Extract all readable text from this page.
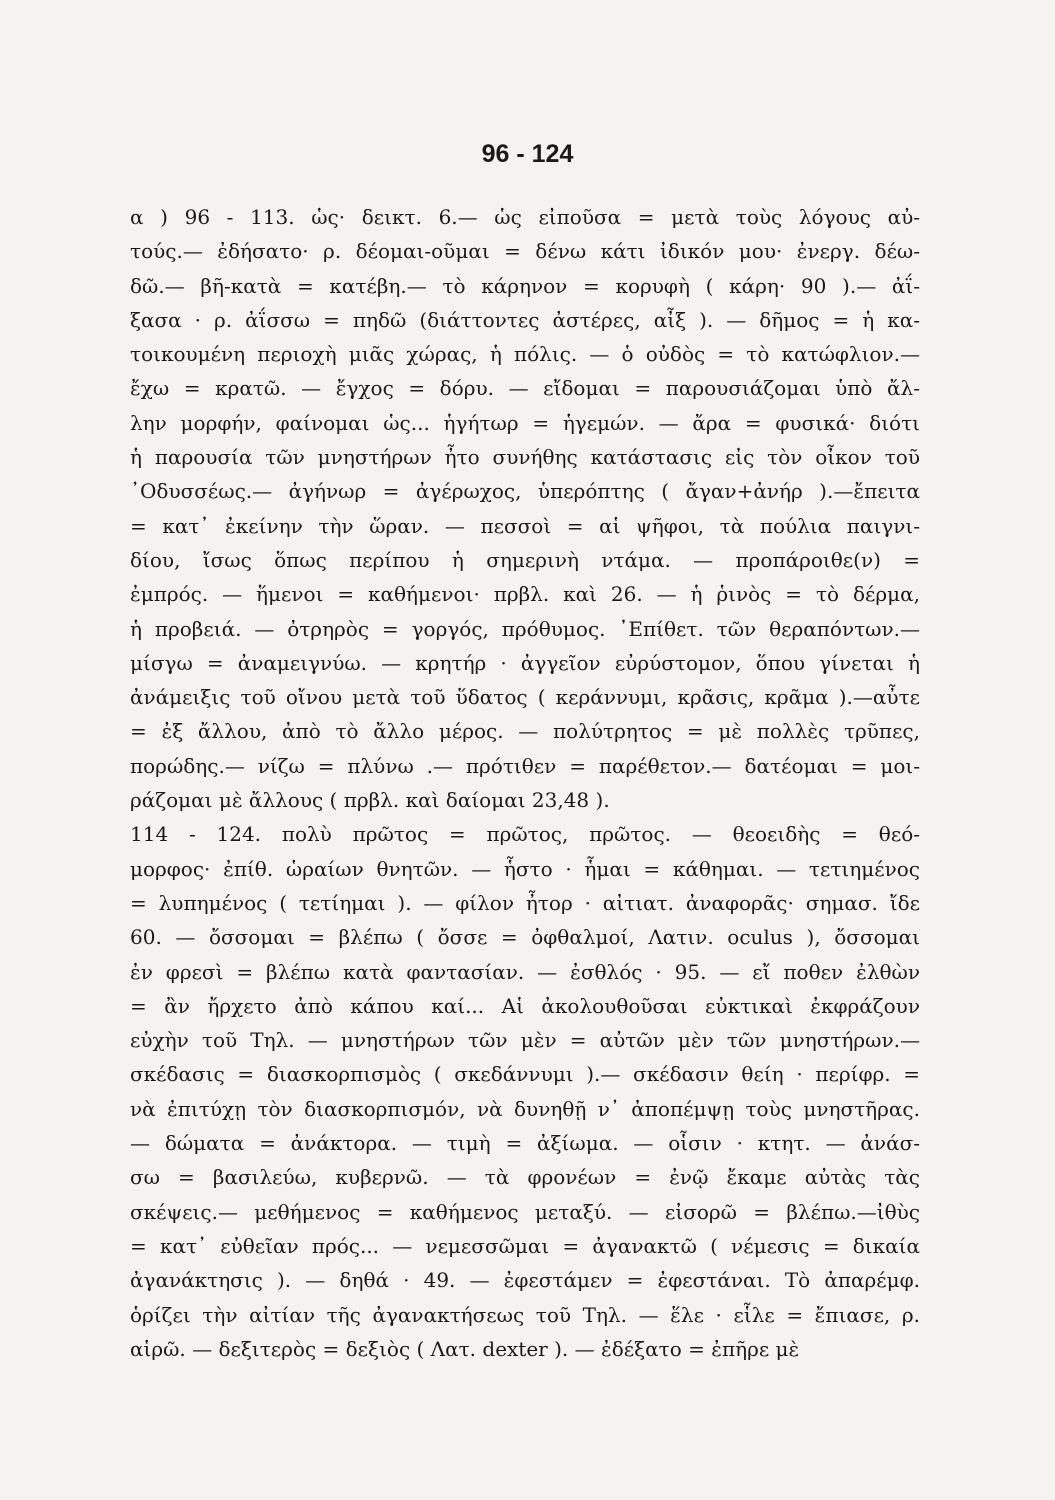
96 - 124
α ) 96 - 113. ὡς· δεικτ. 6.— ὡς εἰποῦσα = μετὰ τοὺς λόγους αὐ-
τούς.— ἐδήσατο· ρ. δέομαι-οῦμαι = δένω κάτι ἰδικόν μου· ἐνεργ. δέω-
δῶ.— βῆ-κατὰ = κατέβη.— τὸ κάρηνον = κορυφὴ ( κάρη· 90 ).— ἀΐ-
ξασα · ρ. ἀΐσσω = πηδῶ (διάττοντες ἀστέρες, αἶξ ). — δῆμος = ἡ κα-
τοικουμένη περιοχὴ μιᾶς χώρας, ἡ πόλις. — ὁ οὐδὸς = τὸ κατώφλιον.—
ἔχω = κρατῶ. — ἔγχος = δόρυ. — εἴδομαι = παρουσιάζομαι ὑπὸ ἄλ-
λην μορφήν, φαίνομαι ὡς... ἡγήτωρ = ἡγεμών. — ἄρα = φυσικά· διότι
ἡ παρουσία τῶν μνηστήρων ἦτο συνήθης κατάστασις εἰς τὸν οἶκον τοῦ
᾿Οδυσσέως.— ἀγήνωρ = ἀγέρωχος, ὑπερόπτης ( ἄγαν+ἀνήρ ).—ἔπειτα
= κατ᾿ ἐκείνην τὴν ὥραν. — πεσσοὶ = αἱ ψῆφοι, τὰ πούλια παιγνι-
δίου, ἴσως ὅπως περίπου ἡ σημερινὴ ντάμα. — προπάροιθε(ν) =
ἐμπρός. — ἥμενοι = καθήμενοι· πρβλ. καὶ 26. — ἡ ῥινὸς = τὸ δέρμα,
ἡ προβειά. — ὀτρηρὸς = γοργός, πρόθυμος. ᾿Επίθετ. τῶν θεραπόντων.—
μίσγω = ἀναμειγνύω. — κρητήρ · ἀγγεῖον εὐρύστομον, ὅπου γίνεται ἡ
ἀνάμειξις τοῦ οἴνου μετὰ τοῦ ὕδατος ( κεράννυμι, κρᾶσις, κρᾶμα ).—αὖτε
= ἐξ ἄλλου, ἀπὸ τὸ ἄλλο μέρος. — πολύτρητος = μὲ πολλὲς τρῦπες,
πορώδης.— νίζω = πλύνω .— πρότιθεν = παρέθετον.— δατέομαι = μοι-
ράζομαι μὲ ἄλλους ( πρβλ. καὶ δαίομαι 23,48 ).
114 - 124. πολὺ πρῶτος = πρῶτος, πρῶτος. — θεοειδὴς = θεό-
μορφος· ἐπίθ. ὡραίων θνητῶν. — ἧστο · ἧμαι = κάθημαι. — τετιημένος
= λυπημένος ( τετίημαι ). — φίλον ἦτορ · αἰτιατ. ἀναφορᾶς· σημασ. ἴδε
60. — ὄσσομαι = βλέπω ( ὄσσε = ὀφθαλμοί, Λατιν. oculus ), ὄσσομαι
ἐν φρεσὶ = βλέπω κατὰ φαντασίαν. — ἐσθλός · 95. — εἴ ποθεν ἐλθὼν
= ἂν ἤρχετο ἀπὸ κάπου καί... Αἱ ἀκολουθοῦσαι εὐκτικαὶ ἐκφράζουν
εὐχὴν τοῦ Τηλ. — μνηστήρων τῶν μὲν = αὐτῶν μὲν τῶν μνηστήρων.—
σκέδασις = διασκορπισμὸς ( σκεδάννυμι ).— σκέδασιν θείη · περίφρ. =
νὰ ἐπιτύχῃ τὸν διασκορπισμόν, νὰ δυνηθῇ ν᾿ ἀποπέμψῃ τοὺς μνηστῆρας.
— δώματα = ἀνάκτορα. — τιμὴ = ἀξίωμα. — οἷσιν · κτητ. — ἀνάσ-
σω = βασιλεύω, κυβερνῶ. — τὰ φρονέων = ἐνῷ ἔκαμε αὐτὰς τὰς
σκέψεις.— μεθήμενος = καθήμενος μεταξύ. — εἰσορῶ = βλέπω.—ἰθὺς
= κατ᾿ εὐθεῖαν πρός... — νεμεσσῶμαι = ἀγανακτῶ ( νέμεσις = δικαία
ἀγανάκτησις ). — δηθά · 49. — ἐφεστάμεν = ἐφεστάναι. Τὸ ἀπαρέμφ.
ὁρίζει τὴν αἰτίαν τῆς ἀγανακτήσεως τοῦ Τηλ. — ἕλε · εἷλε = ἔπιασε, ρ.
αἱρῶ. — δεξιτερὸς = δεξιὸς ( Λατ. dexter ). — ἐδέξατο = ἐπῆρε μὲ
